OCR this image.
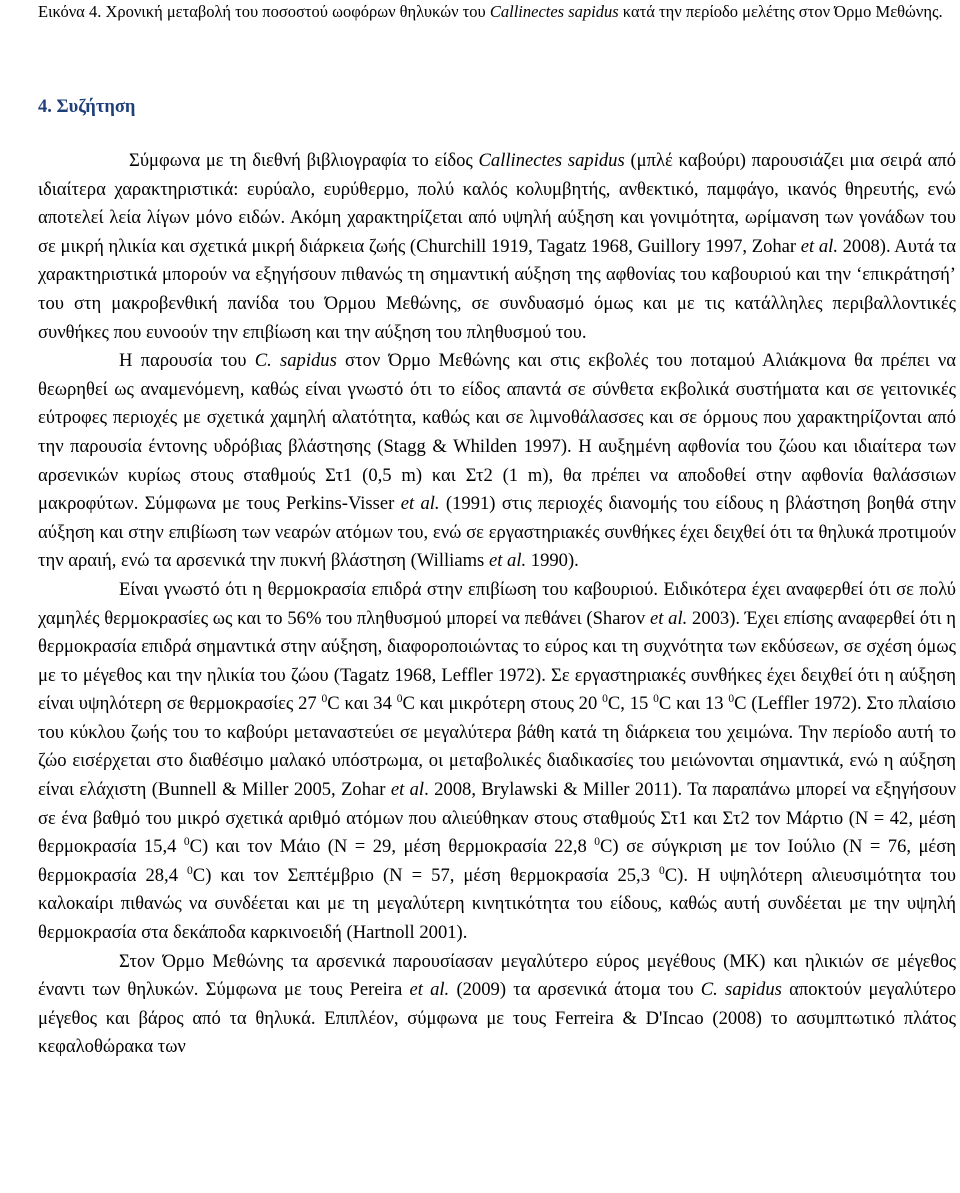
Εικόνα 4. Χρονική μεταβολή του ποσοστού ωοφόρων θηλυκών του Callinectes sapidus κατά την περίοδο μελέτης στον Όρμο Μεθώνης.
4. Συζήτηση

Σύμφωνα με τη διεθνή βιβλιογραφία το είδος Callinectes sapidus (μπλέ καβούρι) παρουσιάζει μια σειρά από ιδιαίτερα χαρακτηριστικά: ευρύαλο, ευρύθερμο, πολύ καλός κολυμβητής, ανθεκτικό, παμφάγο, ικανός θηρευτής, ενώ αποτελεί λεία λίγων μόνο ειδών. Ακόμη χαρακτηρίζεται από υψηλή αύξηση και γονιμότητα, ωρίμανση των γονάδων του σε μικρή ηλικία και σχετικά μικρή διάρκεια ζωής (Churchill 1919, Tagatz 1968, Guillory 1997, Zohar et al. 2008). Αυτά τα χαρακτηριστικά μπορούν να εξηγήσουν πιθανώς τη σημαντική αύξηση της αφθονίας του καβουριού και την ‘επικράτησή’ του στη μακροβενθική πανίδα του Όρμου Μεθώνης, σε συνδυασμό όμως και με τις κατάλληλες περιβαλλοντικές συνθήκες που ευνοούν την επιβίωση και την αύξηση του πληθυσμού του.

Η παρουσία του C. sapidus στον Όρμο Μεθώνης και στις εκβολές του ποταμού Αλιάκμονα θα πρέπει να θεωρηθεί ως αναμενόμενη, καθώς είναι γνωστό ότι το είδος απαντά σε σύνθετα εκβολικά συστήματα και σε γειτονικές εύτροφες περιοχές με σχετικά χαμηλή αλατότητα, καθώς και σε λιμνοθάλασσες και σε όρμους που χαρακτηρίζονται από την παρουσία έντονης υδρόβιας βλάστησης (Stagg & Whilden 1997). Η αυξημένη αφθονία του ζώου και ιδιαίτερα των αρσενικών κυρίως στους σταθμούς Στ1 (0,5 m) και Στ2 (1 m), θα πρέπει να αποδοθεί στην αφθονία θαλάσσιων μακροφύτων. Σύμφωνα με τους Perkins-Visser et al. (1991) στις περιοχές διανομής του είδους η βλάστηση βοηθά στην αύξηση και στην επιβίωση των νεαρών ατόμων του, ενώ σε εργαστηριακές συνθήκες έχει δειχθεί ότι τα θηλυκά προτιμούν την αραιή, ενώ τα αρσενικά την πυκνή βλάστηση (Williams et al. 1990).

Είναι γνωστό ότι η θερμοκρασία επιδρά στην επιβίωση του καβουριού. Ειδικότερα έχει αναφερθεί ότι σε πολύ χαμηλές θερμοκρασίες ως και το 56% του πληθυσμού μπορεί να πεθάνει (Sharov et al. 2003). Έχει επίσης αναφερθεί ότι η θερμοκρασία επιδρά σημαντικά στην αύξηση, διαφοροποιώντας το εύρος και τη συχνότητα των εκδύσεων, σε σχέση όμως με το μέγεθος και την ηλικία του ζώου (Tagatz 1968, Leffler 1972). Σε εργαστηριακές συνθήκες έχει δειχθεί ότι η αύξηση είναι υψηλότερη σε θερμοκρασίες 27 $^0$C και 34 $^0$C και μικρότερη στους 20 $^0$C, 15 $^0$C και 13 $^0$C (Leffler 1972). Στο πλαίσιο του κύκλου ζωής του το καβούρι μεταναστεύει σε μεγαλύτερα βάθη κατά τη διάρκεια του χειμώνα. Την περίοδο αυτή το ζώο εισέρχεται στο διαθέσιμο μαλακό υπόστρωμα, οι μεταβολικές διαδικασίες του μειώνονται σημαντικά, ενώ η αύξηση είναι ελάχιστη (Bunnell & Miller 2005, Zohar et al. 2008, Brylawski & Miller 2011). Τα παραπάνω μπορεί να εξηγήσουν σε ένα βαθμό του μικρό σχετικά αριθμό ατόμων που αλιεύθηκαν στους σταθμούς Στ1 και Στ2 τον Μάρτιο (N = 42, μέση θερμοκρασία 15,4 $^0$C) και τον Μάιο (N = 29, μέση θερμοκρασία 22,8 $^0$C) σε σύγκριση με τον Ιούλιο (N = 76, μέση θερμοκρασία 28,4 $^0$C) και τον Σεπτέμβριο (N = 57, μέση θερμοκρασία 25,3 $^0$C). Η υψηλότερη αλιευσιμότητα του καλοκαίρι πιθανώς να συνδέεται και με τη μεγαλύτερη κινητικότητα του είδους, καθώς αυτή συνδέεται με την υψηλή θερμοκρασία στα δεκάποδα καρκινοειδή (Hartnoll 2001).

Στον Όρμο Μεθώνης τα αρσενικά παρουσίασαν μεγαλύτερο εύρος μεγέθους (ΜΚ) και ηλικιών σε μέγεθος έναντι των θηλυκών. Σύμφωνα με τους Pereira et al. (2009) τα αρσενικά άτομα του C. sapidus αποκτούν μεγαλύτερο μέγεθος και βάρος από τα θηλυκά. Επιπλέον, σύμφωνα με τους Ferreira & D'Incao (2008) το ασυμπτωτικό πλάτος κεφαλοθώρακα των
